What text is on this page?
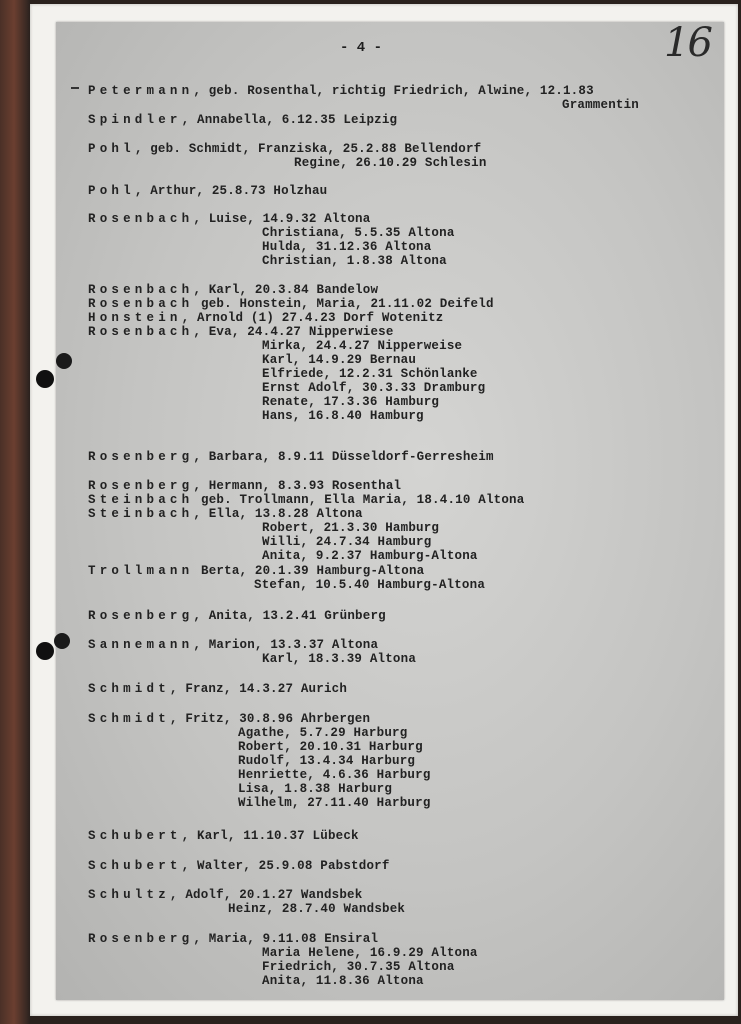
- 4 -	16
Petermann, geb. Rosenthal, richtig Friedrich, Alwine, 12.1.83
Grammentin
Spindler, Annabella, 6.12.35 Leipzig
Pohl, geb. Schmidt, Franziska, 25.2.88 Bellendorf
Regine, 26.10.29 Schlesin
Pohl, Arthur, 25.8.73 Holzhau
Rosenbach, Luise, 14.9.32 Altona
Christiana, 5.5.35 Altona
Hulda, 31.12.36 Altona
Christian, 1.8.38 Altona
Rosenbach, Karl, 20.3.84 Bandelow
Rosenbach geb. Honstein, Maria, 21.11.02 Deifeld
Honstein, Arnold (1) 27.4.23 Dorf Wotenitz
Rosenbach, Eva, 24.4.27 Nipperwiese
Mirka, 24.4.27 Nipperweise
Karl, 14.9.29 Bernau
Elfriede, 12.2.31 Schönlanke
Ernst Adolf, 30.3.33 Dramburg
Renate, 17.3.36 Hamburg
Hans, 16.8.40 Hamburg
Rosenberg, Barbara, 8.9.11 Düsseldorf-Gerresheim
Rosenberg, Hermann, 8.3.93 Rosenthal
Steinbach geb. Trollmann, Ella Maria, 18.4.10 Altona
Steinbach, Ella, 13.8.28 Altona
Robert, 21.3.30 Hamburg
Willi, 24.7.34 Hamburg
Anita, 9.2.37 Hamburg-Altona
Trollmann Berta, 20.1.39 Hamburg-Altona
Stefan, 10.5.40 Hamburg-Altona
Rosenberg, Anita, 13.2.41 Grünberg
Sannemann, Marion, 13.3.37 Altona
Karl, 18.3.39 Altona
Schmidt, Franz, 14.3.27 Aurich
Schmidt, Fritz, 30.8.96 Ahrbergen
Agathe, 5.7.29 Harburg
Robert, 20.10.31 Harburg
Rudolf, 13.4.34 Harburg
Henriette, 4.6.36 Harburg
Lisa, 1.8.38 Harburg
Wilhelm, 27.11.40 Harburg
Schubert, Karl, 11.10.37 Lübeck
Schubert, Walter, 25.9.08 Pabstdorf
Schultz, Adolf, 20.1.27 Wandsbek
Heinz, 28.7.40 Wandsbek
Rosenberg, Maria, 9.11.08 Ensiral
Maria Helene, 16.9.29 Altona
Friedrich, 30.7.35 Altona
Anita, 11.8.36 Altona
